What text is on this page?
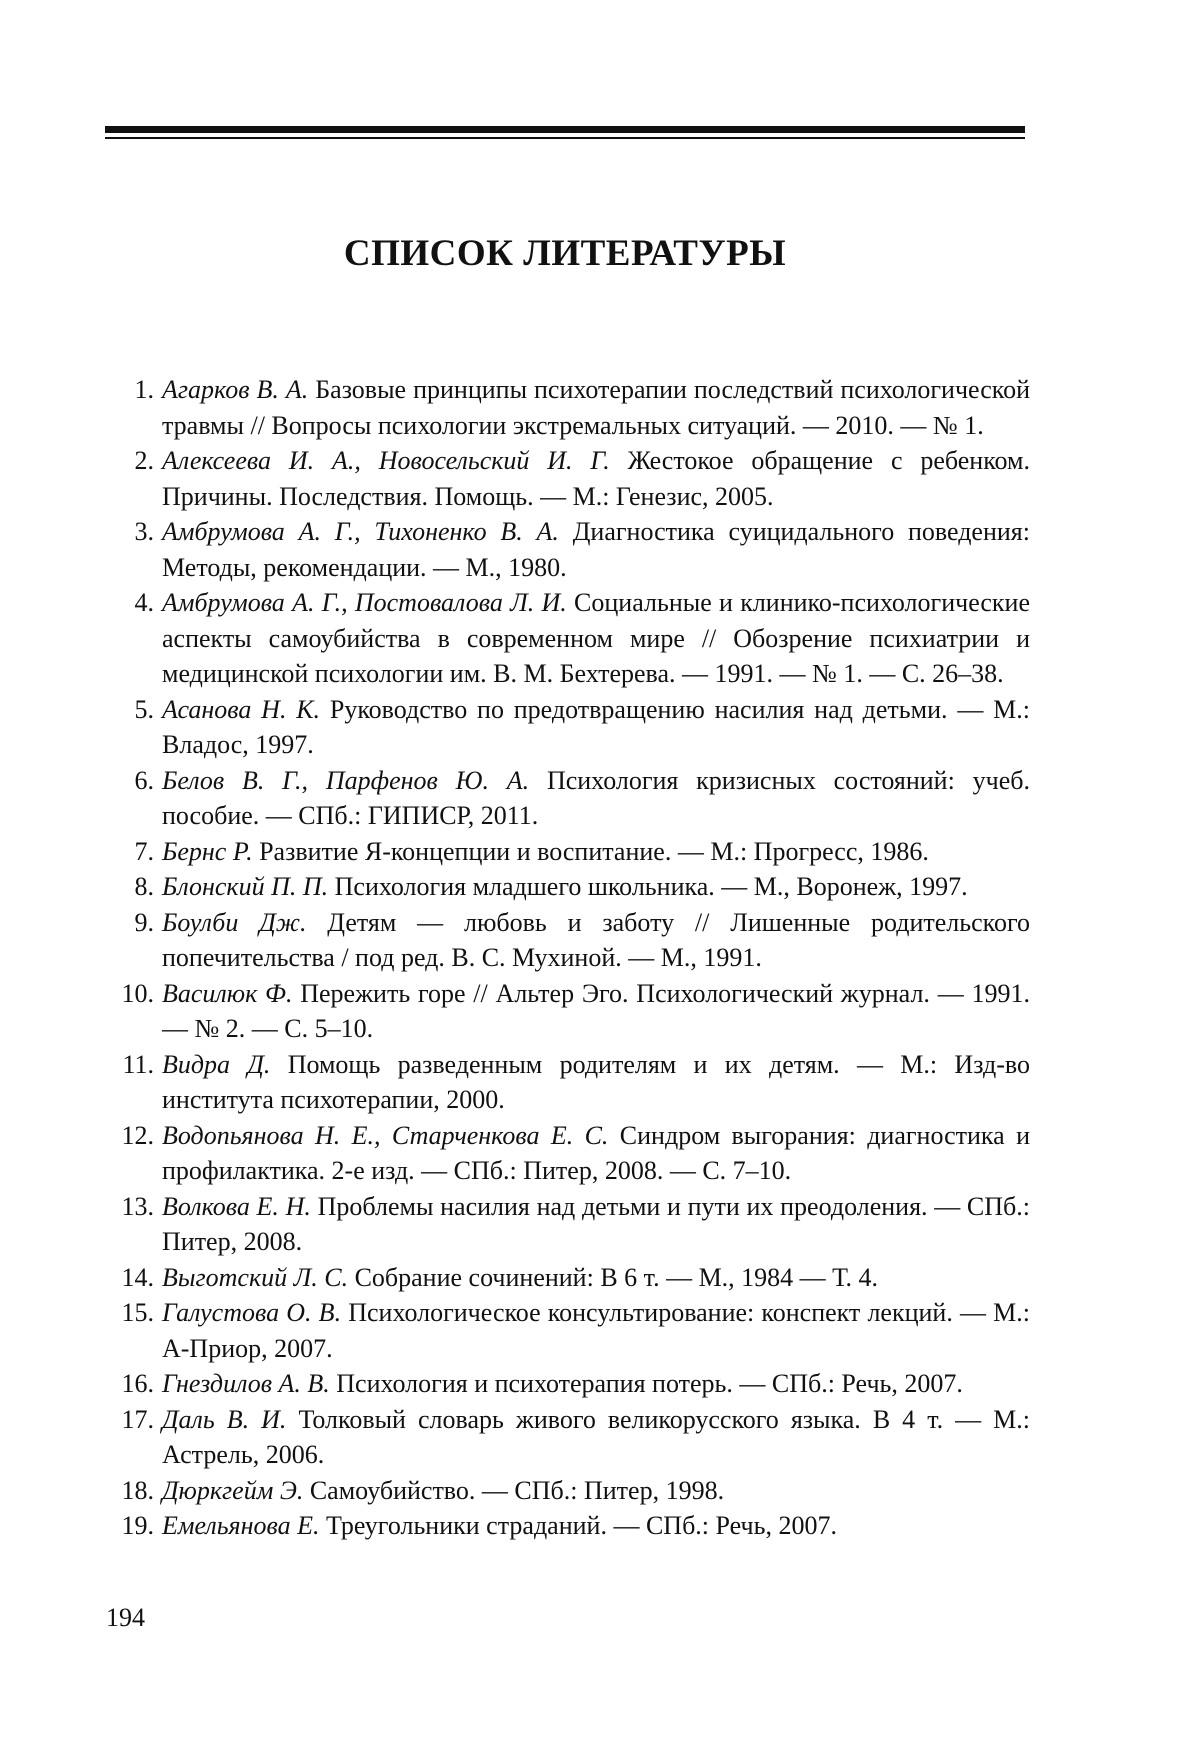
СПИСОК ЛИТЕРАТУРЫ
1. Агарков В. А. Базовые принципы психотерапии последствий психологической травмы // Вопросы психологии экстремальных ситуаций. — 2010. — № 1.
2. Алексеева И. А., Новосельский И. Г. Жестокое обращение с ребенком. Причины. Последствия. Помощь. — М.: Генезис, 2005.
3. Амбрумова А. Г., Тихоненко В. А. Диагностика суицидального поведения: Методы, рекомендации. — М., 1980.
4. Амбрумова А. Г., Постовалова Л. И. Социальные и клинико-психологические аспекты самоубийства в современном мире // Обозрение психиатрии и медицинской психологии им. В. М. Бехтерева. — 1991. — № 1. — С. 26–38.
5. Асанова Н. К. Руководство по предотвращению насилия над детьми. — М.: Владос, 1997.
6. Белов В. Г., Парфенов Ю. А. Психология кризисных состояний: учеб. пособие. — СПб.: ГИПИСР, 2011.
7. Бернс Р. Развитие Я-концепции и воспитание. — М.: Прогресс, 1986.
8. Блонский П. П. Психология младшего школьника. — М., Воронеж, 1997.
9. Боулби Дж. Детям — любовь и заботу // Лишенные родительского попечительства / под ред. В. С. Мухиной. — М., 1991.
10. Василюк Ф. Пережить горе // Альтер Эго. Психологический журнал. — 1991. — № 2. — С. 5–10.
11. Видра Д. Помощь разведенным родителям и их детям. — М.: Изд-во института психотерапии, 2000.
12. Водопьянова Н. Е., Старченкова Е. С. Синдром выгорания: диагностика и профилактика. 2-е изд. — СПб.: Питер, 2008. — С. 7–10.
13. Волкова Е. Н. Проблемы насилия над детьми и пути их преодоления. — СПб.: Питер, 2008.
14. Выготский Л. С. Собрание сочинений: В 6 т. — М., 1984 — Т. 4.
15. Галустова О. В. Психологическое консультирование: конспект лекций. — М.: А-Приор, 2007.
16. Гнездилов А. В. Психология и психотерапия потерь. — СПб.: Речь, 2007.
17. Даль В. И. Толковый словарь живого великорусского языка. В 4 т. — М.: Астрель, 2006.
18. Дюркгейм Э. Самоубийство. — СПб.: Питер, 1998.
19. Емельянова Е. Треугольники страданий. — СПб.: Речь, 2007.
194
